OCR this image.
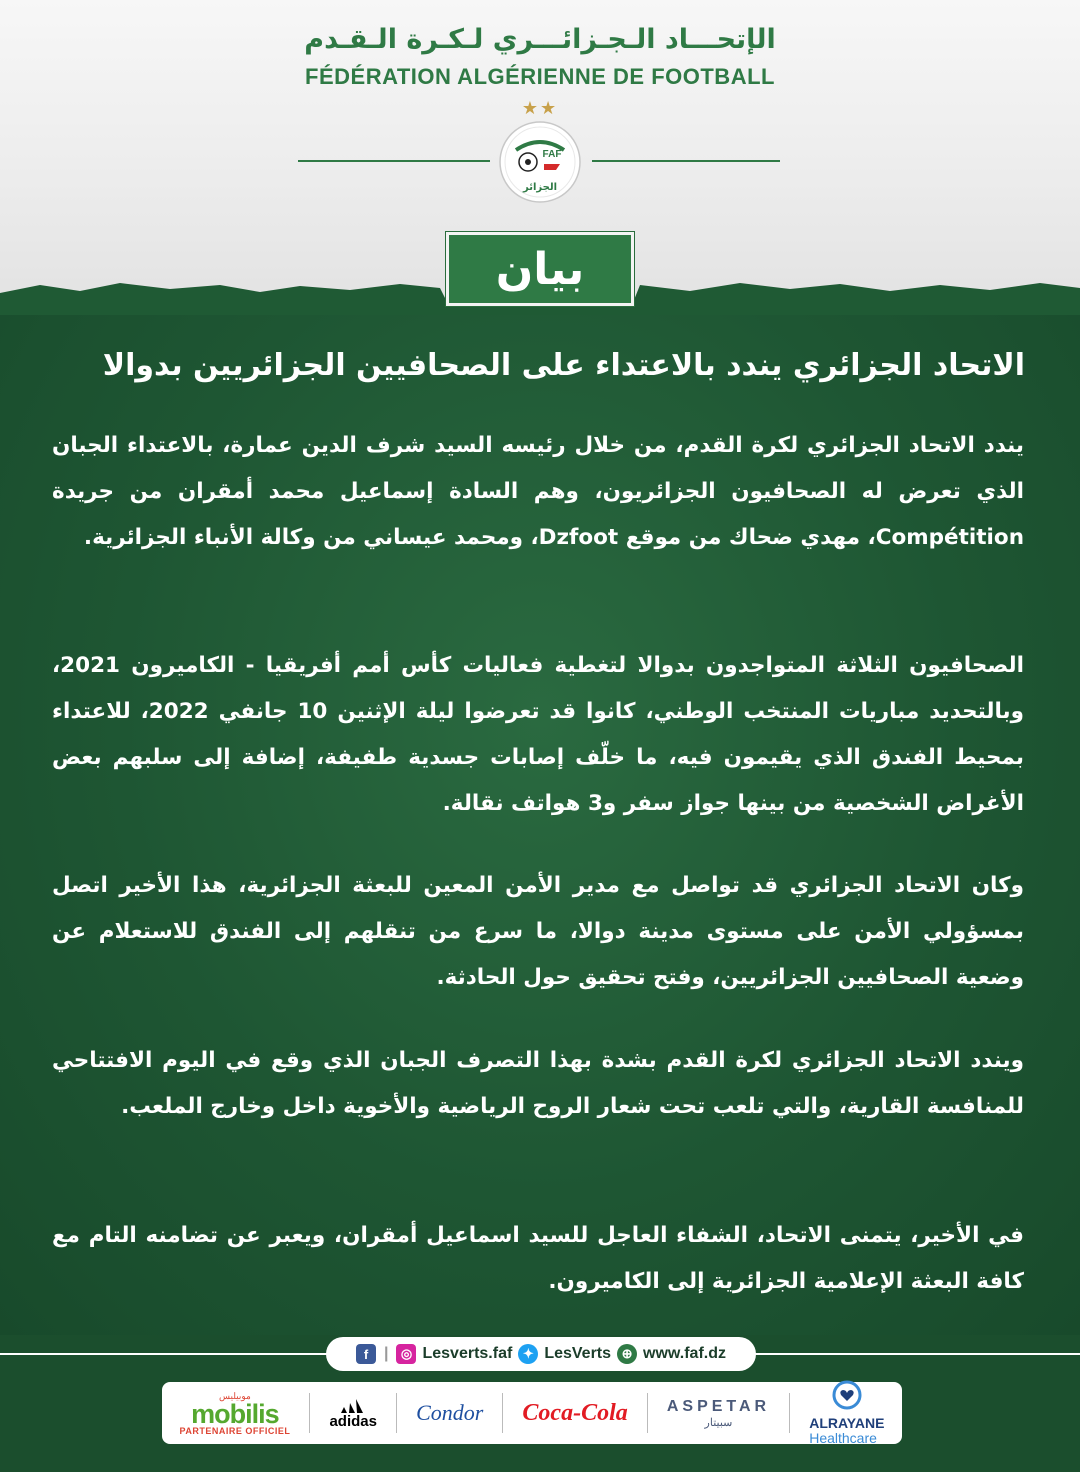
الإتحـــاد الـجـزائـــري لـكـرة الـقـدم
FÉDÉRATION ALGÉRIENNE DE FOOTBALL
★★
FAF
الجزائر
بيان
الاتحاد الجزائري يندد بالاعتداء على الصحافيين الجزائريين بدوالا
يندد الاتحاد الجزائري لكرة القدم، من خلال رئيسه السيد شرف الدين عمارة، بالاعتداء الجبان الذي تعرض له الصحافيون الجزائريون، وهم السادة إسماعيل محمد أمقران من جريدة Compétition، مهدي ضحاك من موقع Dzfoot، ومحمد عيساني من وكالة الأنباء الجزائرية.
الصحافيون الثلاثة المتواجدون بدوالا لتغطية فعاليات كأس أمم أفريقيا - الكاميرون 2021، وبالتحديد مباريات المنتخب الوطني، كانوا قد تعرضوا ليلة الإثنين 10 جانفي 2022، للاعتداء بمحيط الفندق الذي يقيمون فيه، ما خلّف إصابات جسدية طفيفة، إضافة إلى سلبهم بعض الأغراض الشخصية من بينها جواز سفر و3 هواتف نقالة.
وكان الاتحاد الجزائري قد تواصل مع مدير الأمن المعين للبعثة الجزائرية، هذا الأخير اتصل بمسؤولي الأمن على مستوى مدينة دوالا، ما سرع من تنقلهم إلى الفندق للاستعلام عن وضعية الصحافيين الجزائريين، وفتح تحقيق حول الحادثة.
ويندد الاتحاد الجزائري لكرة القدم بشدة بهذا التصرف الجبان الذي وقع في اليوم الافتتاحي للمنافسة القارية، والتي تلعب تحت شعار الروح الرياضية والأخوية داخل وخارج الملعب.
في الأخير، يتمنى الاتحاد، الشفاء العاجل للسيد اسماعيل أمقران، ويعبر عن تضامنه التام مع كافة البعثة الإعلامية الجزائرية إلى الكاميرون.
f | ◎ Lesverts.faf ✦ LesVerts ⊕ www.faf.dz
موبيليس
mobilis
PARTENAIRE OFFICIEL
adidas Condor Coca-Cola ASPETAR
سبيتار	ALRAYANE
Healthcare
